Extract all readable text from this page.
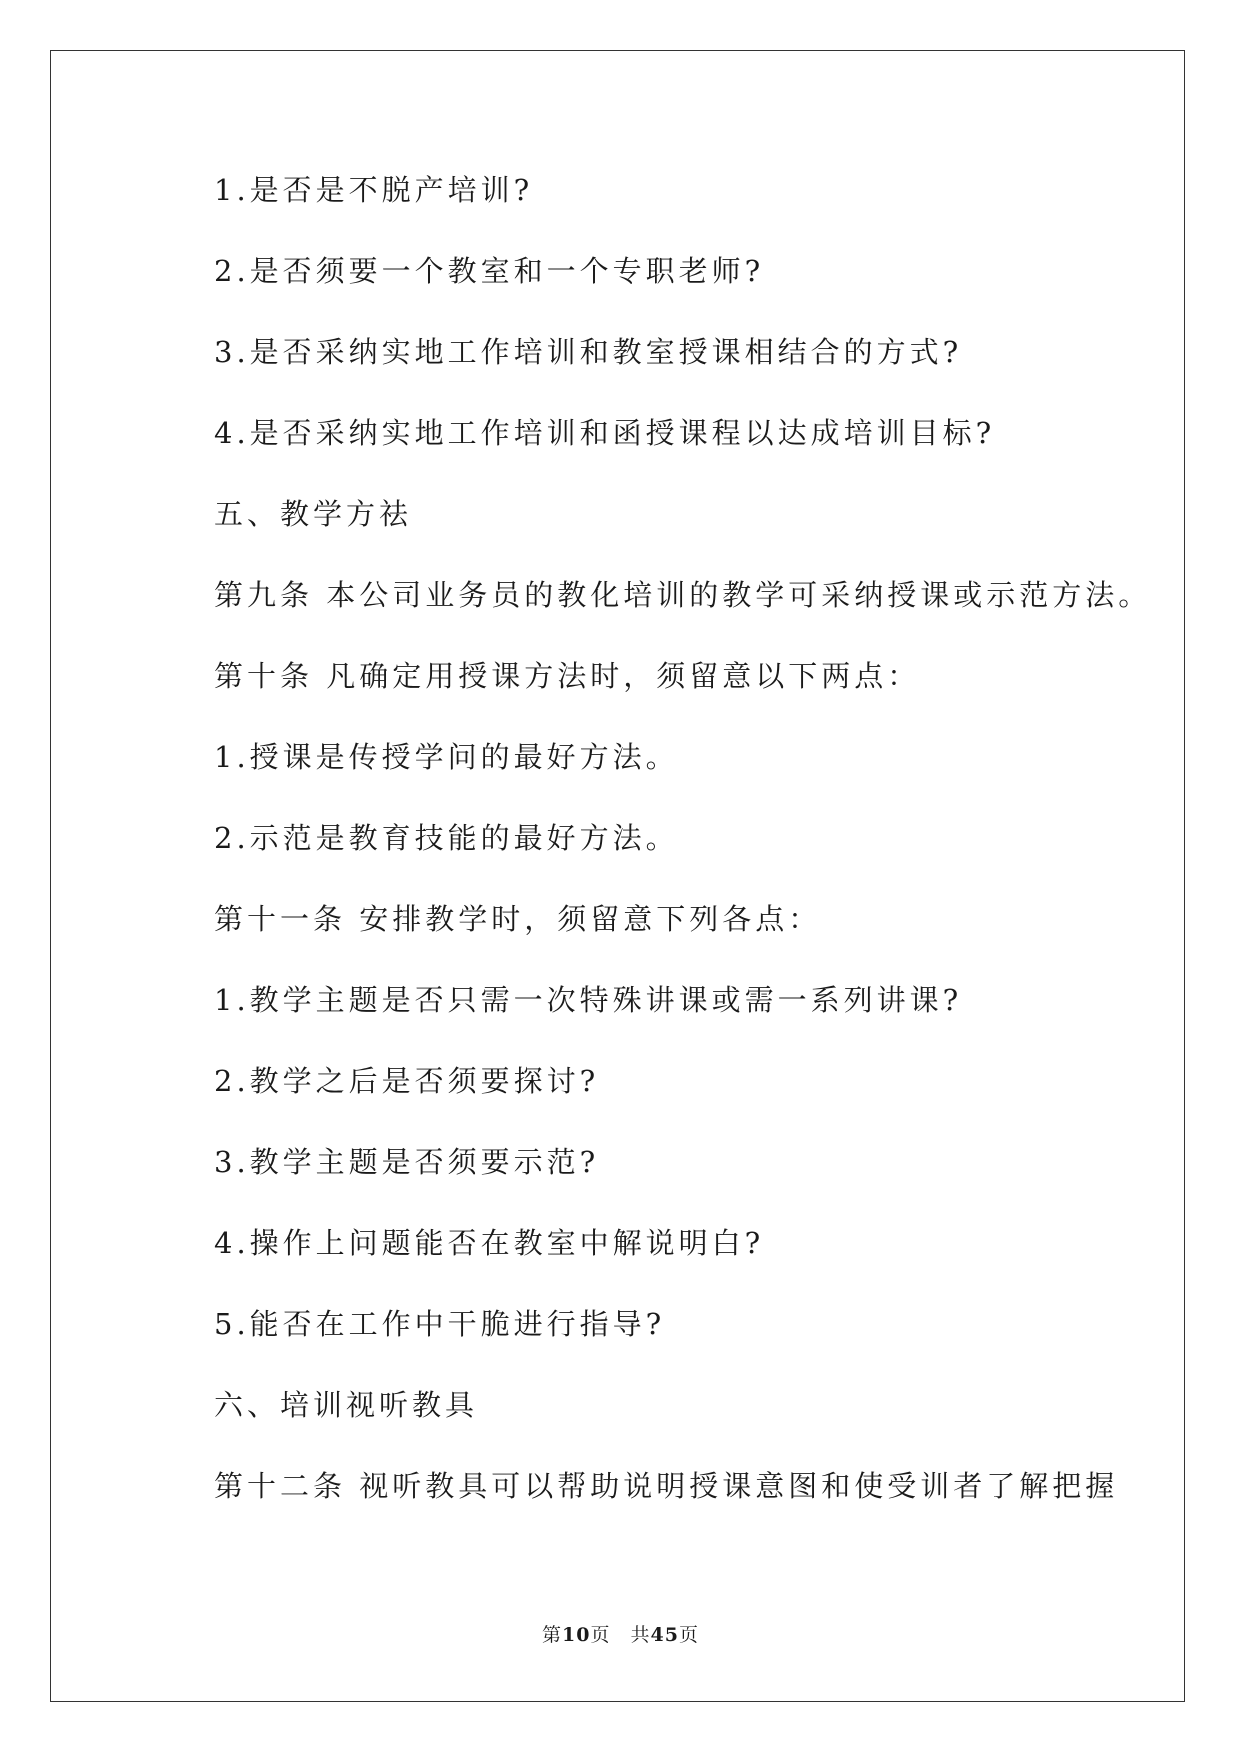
1.是否是不脱产培训?
2.是否须要一个教室和一个专职老师?
3.是否采纳实地工作培训和教室授课相结合的方式?
4.是否采纳实地工作培训和函授课程以达成培训目标?
五、教学方祛
第九条 本公司业务员的教化培训的教学可采纳授课或示范方法。
第十条 凡确定用授课方法时，须留意以下两点：
1.授课是传授学问的最好方法。
2.示范是教育技能的最好方法。
第十一条 安排教学时，须留意下列各点：
1.教学主题是否只需一次特殊讲课或需一系列讲课?
2.教学之后是否须要探讨?
3.教学主题是否须要示范?
4.操作上问题能否在教室中解说明白?
5.能否在工作中干脆进行指导?
六、培训视听教具
第十二条 视听教具可以帮助说明授课意图和使受训者了解把握
第10页 共45页
